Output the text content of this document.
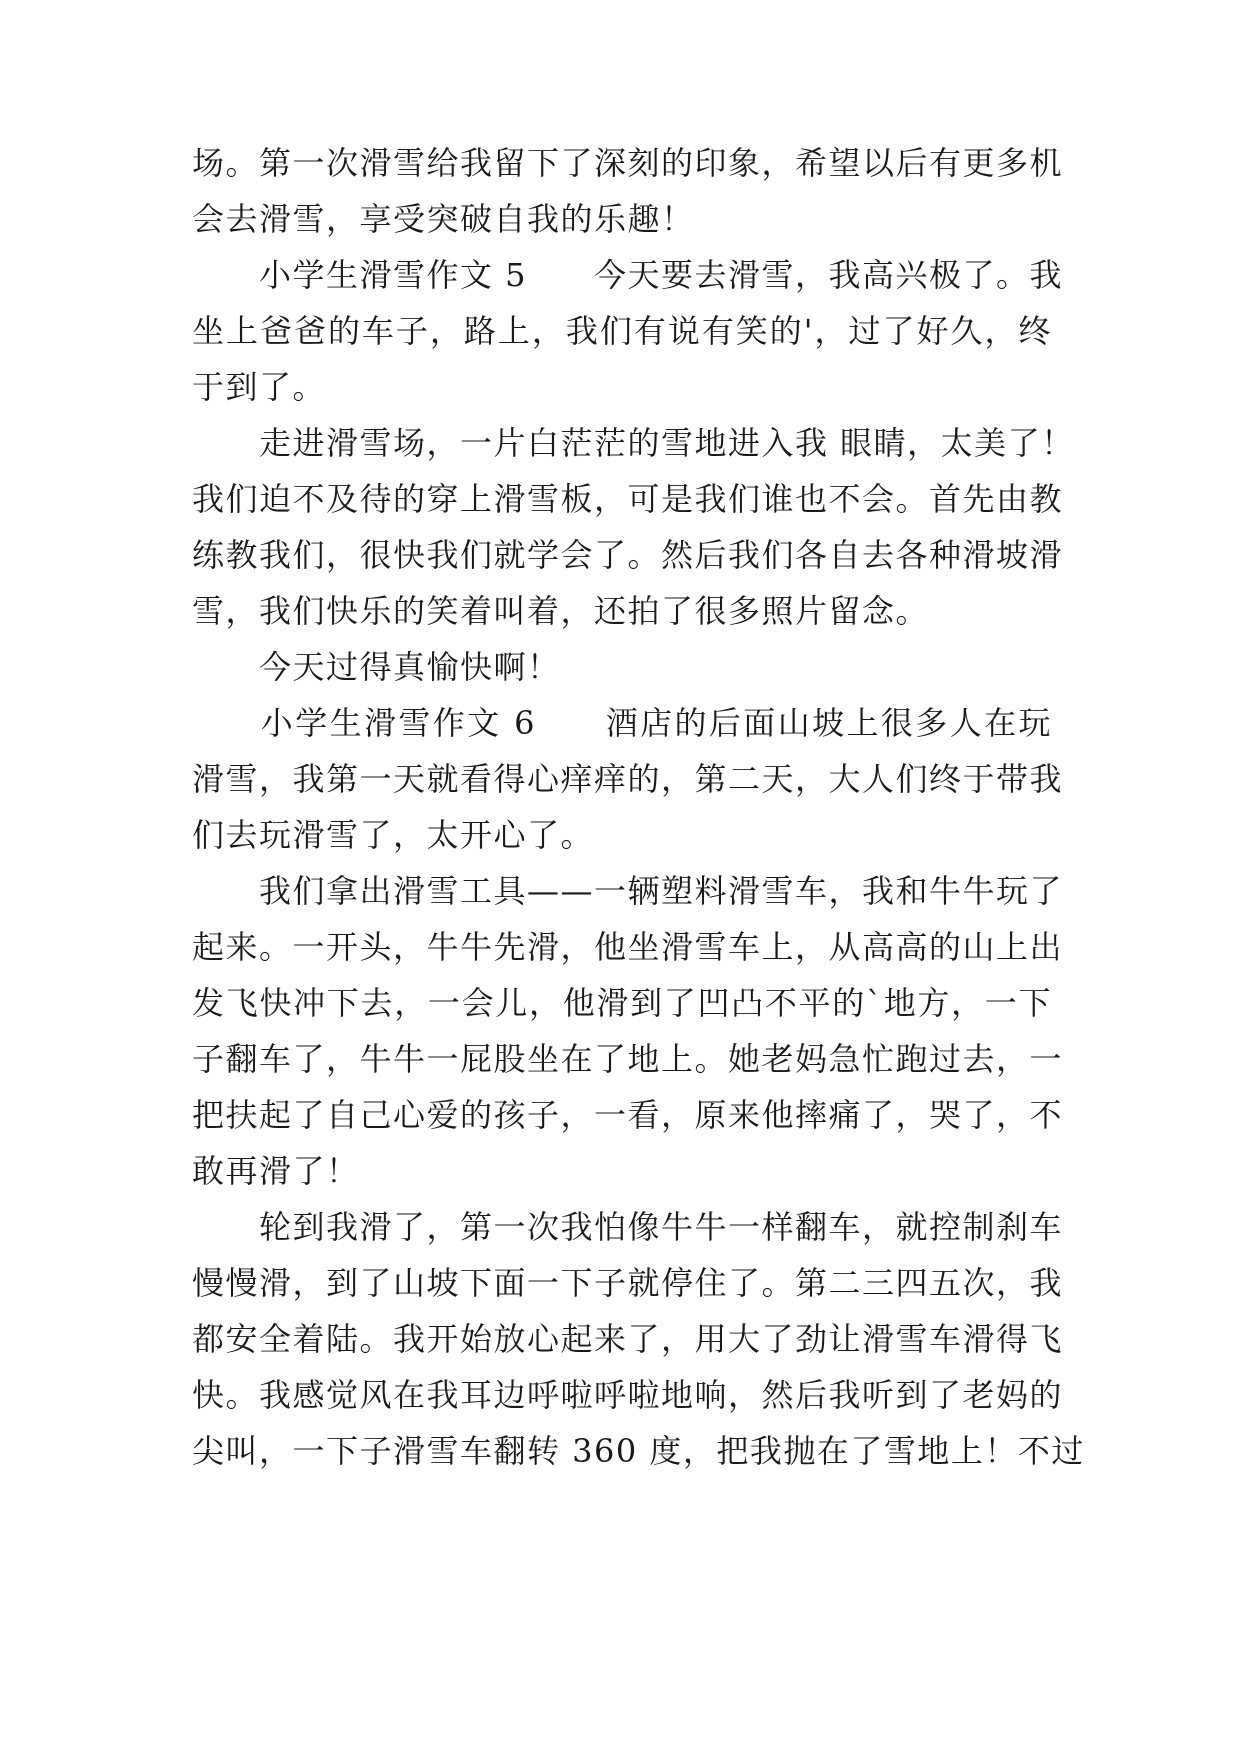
场。第一次滑雪给我留下了深刻的印象，希望以后有更多机

会去滑雪，享受突破自我的乐趣！

　　小学生滑雪作文 5　　今天要去滑雪，我高兴极了。我

坐上爸爸的车子，路上，我们有说有笑的'，过了好久，终

于到了。

　　走进滑雪场，一片白茫茫的雪地进入我 眼睛，太美了！

我们迫不及待的穿上滑雪板，可是我们谁也不会。首先由教

练教我们，很快我们就学会了。然后我们各自去各种滑坡滑

雪，我们快乐的笑着叫着，还拍了很多照片留念。

　　今天过得真愉快啊！

　　小学生滑雪作文 6　　酒店的后面山坡上很多人在玩

滑雪，我第一天就看得心痒痒的，第二天，大人们终于带我

们去玩滑雪了，太开心了。

　　我们拿出滑雪工具——一辆塑料滑雪车，我和牛牛玩了

起来。一开头，牛牛先滑，他坐滑雪车上，从高高的山上出

发飞快冲下去，一会儿，他滑到了凹凸不平的`地方，一下

子翻车了，牛牛一屁股坐在了地上。她老妈急忙跑过去，一

把扶起了自己心爱的孩子，一看，原来他摔痛了，哭了，不

敢再滑了！

　　轮到我滑了，第一次我怕像牛牛一样翻车，就控制刹车

慢慢滑，到了山坡下面一下子就停住了。第二三四五次，我

都安全着陆。我开始放心起来了，用大了劲让滑雪车滑得飞

快。我感觉风在我耳边呼啦呼啦地响，然后我听到了老妈的

尖叫，一下子滑雪车翻转 360 度，把我抛在了雪地上！不过
